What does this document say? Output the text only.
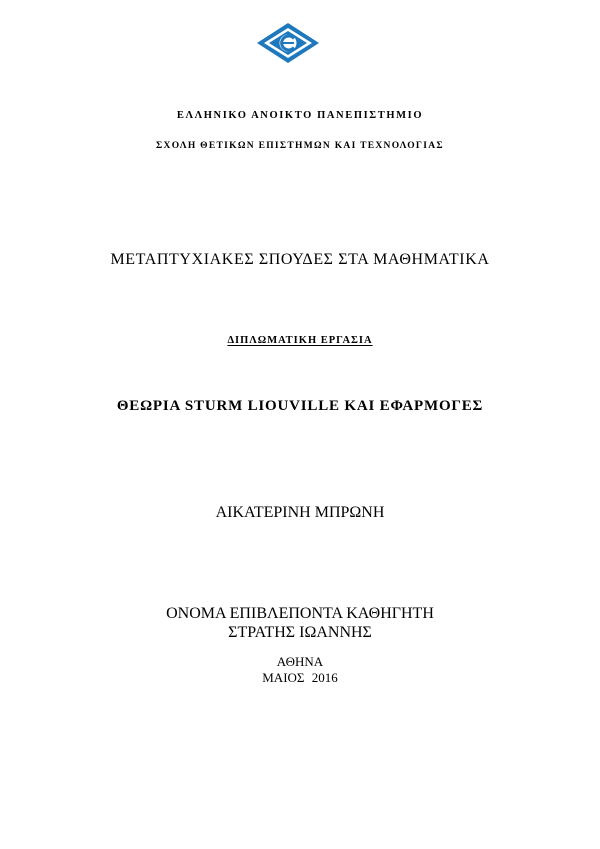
ΕΛΛΗΝΙΚΟ ΑΝΟΙΚΤΟ ΠΑΝΕΠΙΣΤΗΜΙΟ
ΣΧΟΛΗ ΘΕΤΙΚΩΝ ΕΠΙΣΤΗΜΩΝ ΚΑΙ ΤΕΧΝΟΛΟΓΙΑΣ
ΜΕΤΑΠΤΥΧΙΑΚΕΣ ΣΠΟΥΔΕΣ ΣΤΑ ΜΑΘΗΜΑΤΙΚΑ
ΔΙΠΛΩΜΑΤΙΚΗ ΕΡΓΑΣΙΑ
ΘΕΩΡΙΑ STURM LIOUVILLE ΚΑΙ ΕΦΑΡΜΟΓΕΣ
ΑΙΚΑΤΕΡΙΝΗ ΜΠΡΩΝΗ
ΟΝΟΜΑ ΕΠΙΒΛΕΠΟΝΤΑ ΚΑΘΗΓΗΤΗ
ΣΤΡΑΤΗΣ ΙΩΑΝΝΗΣ
ΑΘΗΝΑ
ΜΑΙΟΣ 2016
